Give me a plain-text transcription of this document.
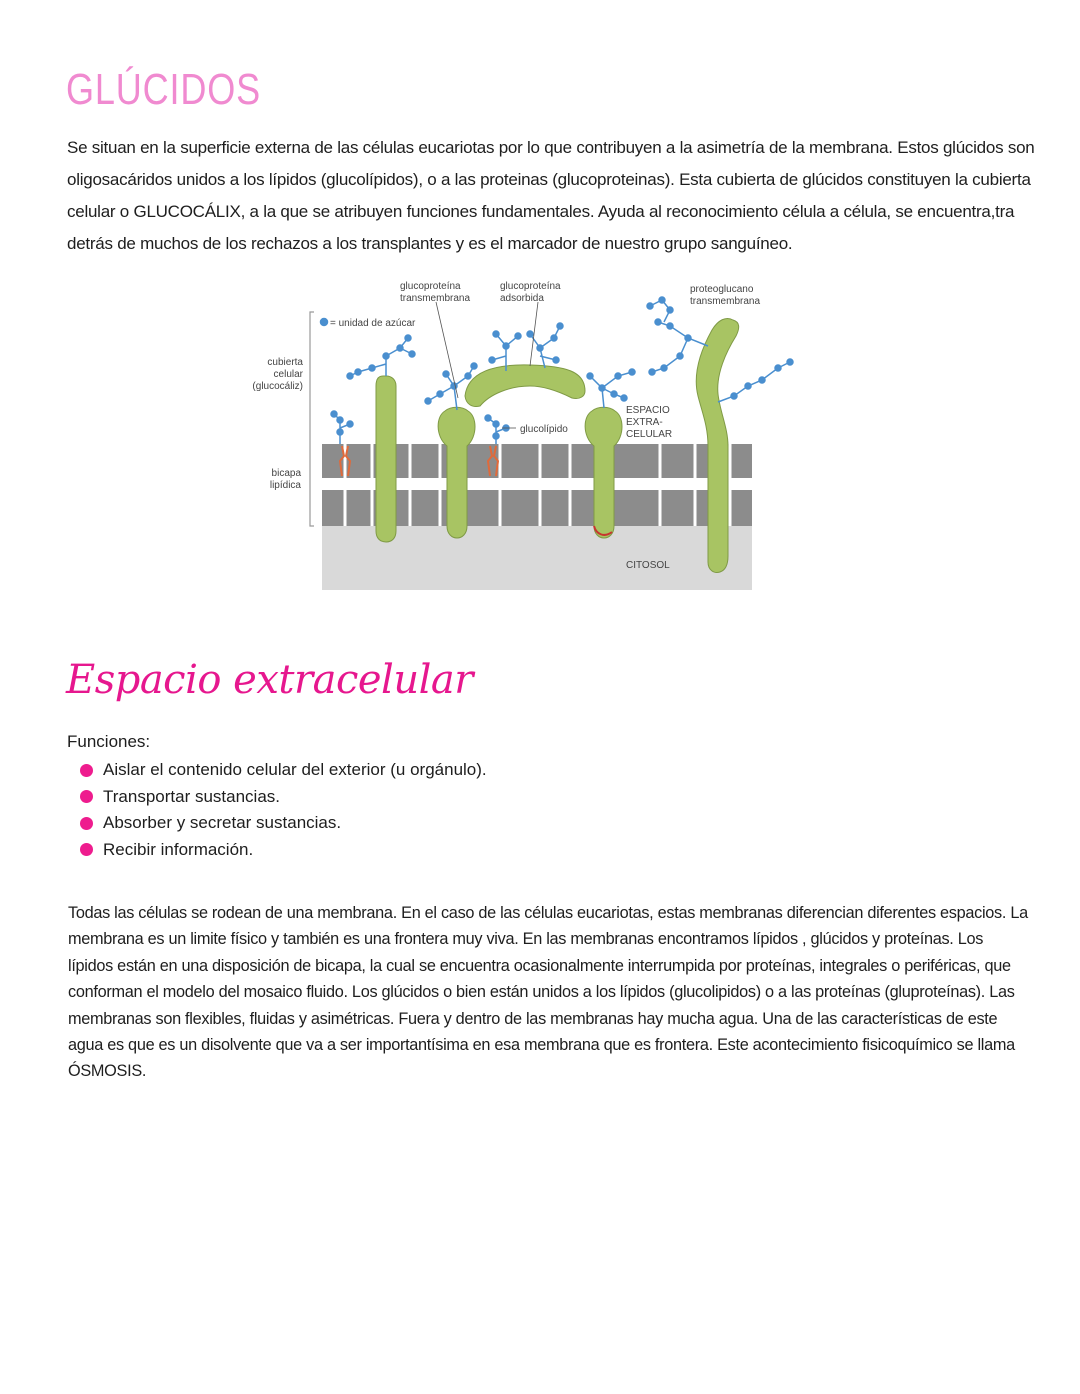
GLÚCIDOS

Se situan en la superficie externa de las células eucariotas por lo que contribuyen a la asimetría de la membrana. Estos glúcidos son oligosacáridos unidos a los lípidos (glucolípidos), o a las proteinas (glucoproteinas). Esta cubierta de glúcidos constituyen la cubierta celular o GLUCOCÁLIX, a la que se atribuyen funciones fundamentales. Ayuda al reconocimiento célula a célula, se encuentra,tra detrás de muchos de los rechazos a los transplantes y es el marcador de nuestro grupo sanguíneo.

= unidad de azúcar
glucoproteína
transmembrana
glucoproteína
adsorbida
proteoglucano
transmembrana
cubierta
celular
(glucocáliz)
bicapa
lipídica
glucolípido
ESPACIO
EXTRA-
CELULAR
CITOSOL
Espacio extracelular

Funciones:

Aislar el contenido celular del exterior (u orgánulo).
Transportar sustancias.
Absorber y secretar sustancias.
Recibir información.

Todas las células se rodean de una membrana. En el caso de las células eucariotas, estas membranas diferencian diferentes espacios. La membrana es un limite físico y también es una frontera muy viva. En las membranas encontramos lípidos , glúcidos y proteínas. Los lípidos están en una disposición de bicapa, la cual se encuentra ocasionalmente interrumpida por proteínas, integrales o periféricas, que conforman el modelo del mosaico fluido. Los glúcidos o bien están unidos a los lípidos (glucolipidos) o a las proteínas (gluproteínas). Las membranas son flexibles, fluidas y asimétricas. Fuera y dentro de las membranas hay mucha agua. Una de las características de este agua es que es un disolvente que va a ser importantísima en esa membrana que es frontera. Este acontecimiento fisicoquímico se llama ÓSMOSIS.
